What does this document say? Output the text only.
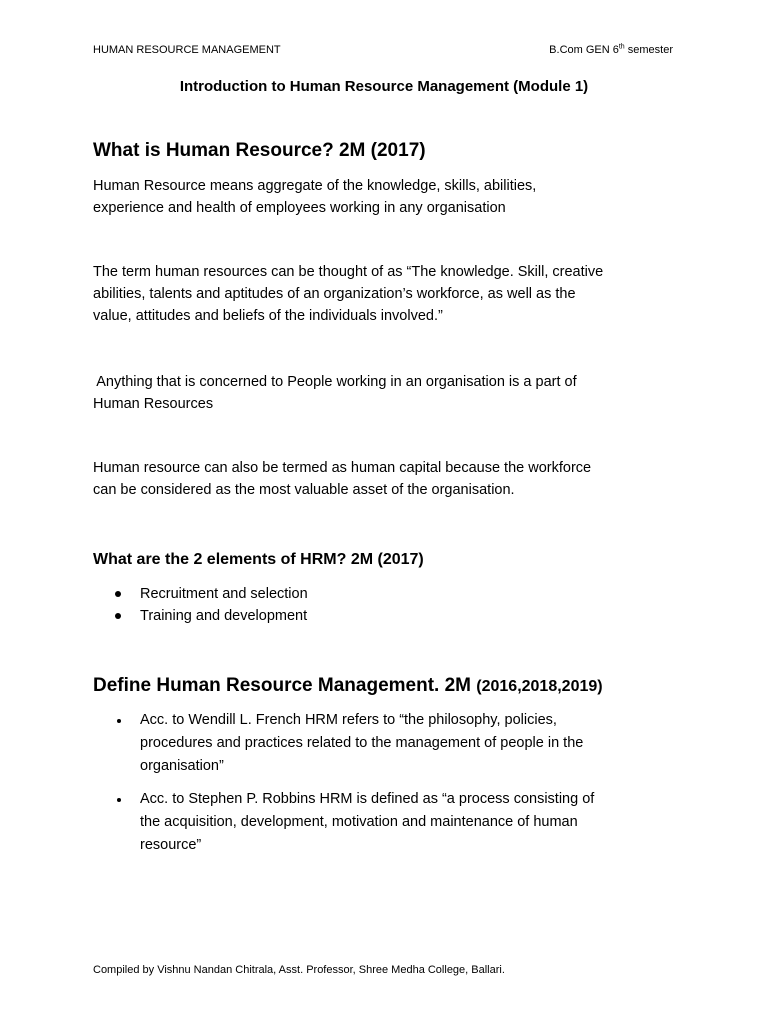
HUMAN RESOURCE MANAGEMENT	B.Com GEN 6th semester
Introduction to Human Resource Management (Module 1)
What is Human Resource? 2M (2017)

Human Resource means aggregate of the knowledge, skills, abilities,
experience and health of employees working in any organisation

The term human resources can be thought of as “The knowledge. Skill, creative
abilities, talents and aptitudes of an organization’s workforce, as well as the
value, attitudes and beliefs of the individuals involved.”

Anything that is concerned to People working in an organisation is a part of
Human Resources

Human resource can also be termed as human capital because the workforce
can be considered as the most valuable asset of the organisation.

What are the 2 elements of HRM? 2M (2017)
Recruitment and selection
Training and development
Define Human Resource Management. 2M (2016,2018,2019)
Acc. to Wendill L. French HRM refers to “the philosophy, policies,
procedures and practices related to the management of people in the
organisation”
Acc. to Stephen P. Robbins HRM is defined as “a process consisting of
the acquisition, development, motivation and maintenance of human
resource”
Compiled by Vishnu Nandan Chitrala, Asst. Professor, Shree Medha College, Ballari.
